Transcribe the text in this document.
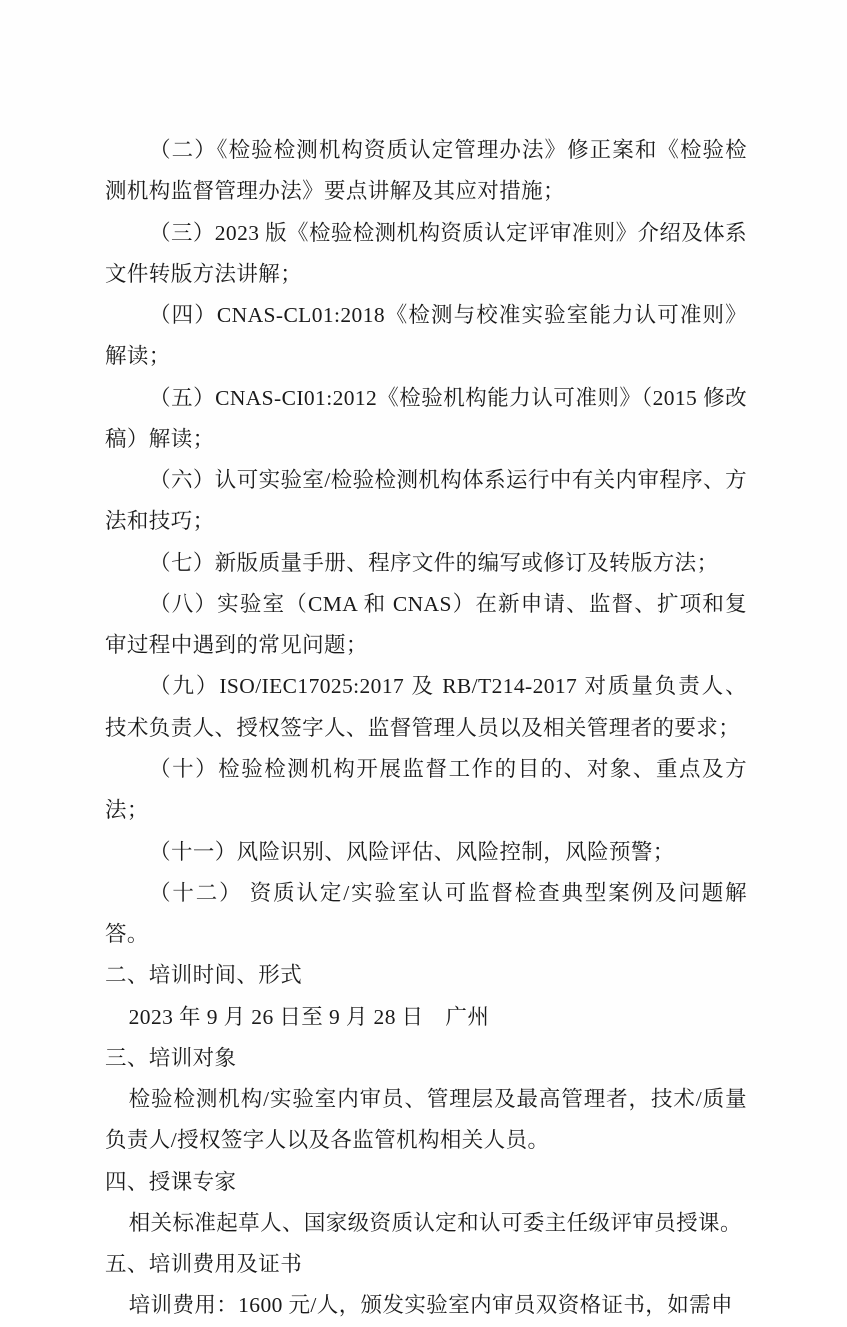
（二）《检验检测机构资质认定管理办法》修正案和《检验检测机构监督管理办法》要点讲解及其应对措施；

（三）2023 版《检验检测机构资质认定评审准则》介绍及体系文件转版方法讲解；

（四）CNAS-CL01:2018《检测与校准实验室能力认可准则》解读；

（五）CNAS-CI01:2012《检验机构能力认可准则》（2015 修改稿）解读；

（六）认可实验室/检验检测机构体系运行中有关内审程序、方法和技巧；

（七）新版质量手册、程序文件的编写或修订及转版方法；

（八）实验室（CMA 和 CNAS）在新申请、监督、扩项和复审过程中遇到的常见问题；

（九）ISO/IEC17025:2017 及 RB/T214-2017 对质量负责人、技术负责人、授权签字人、监督管理人员以及相关管理者的要求；

（十）检验检测机构开展监督工作的目的、对象、重点及方法；

（十一）风险识别、风险评估、风险控制，风险预警；

（十二） 资质认定/实验室认可监督检查典型案例及问题解答。

二、培训时间、形式

2023 年 9 月 26 日至 9 月 28 日　广州

三、培训对象

检验检测机构/实验室内审员、管理层及最高管理者，技术/质量负责人/授权签字人以及各监管机构相关人员。

四、授课专家

相关标准起草人、国家级资质认定和认可委主任级评审员授课。

五、培训费用及证书

培训费用：1600 元/人，颁发实验室内审员双资格证书，如需申
